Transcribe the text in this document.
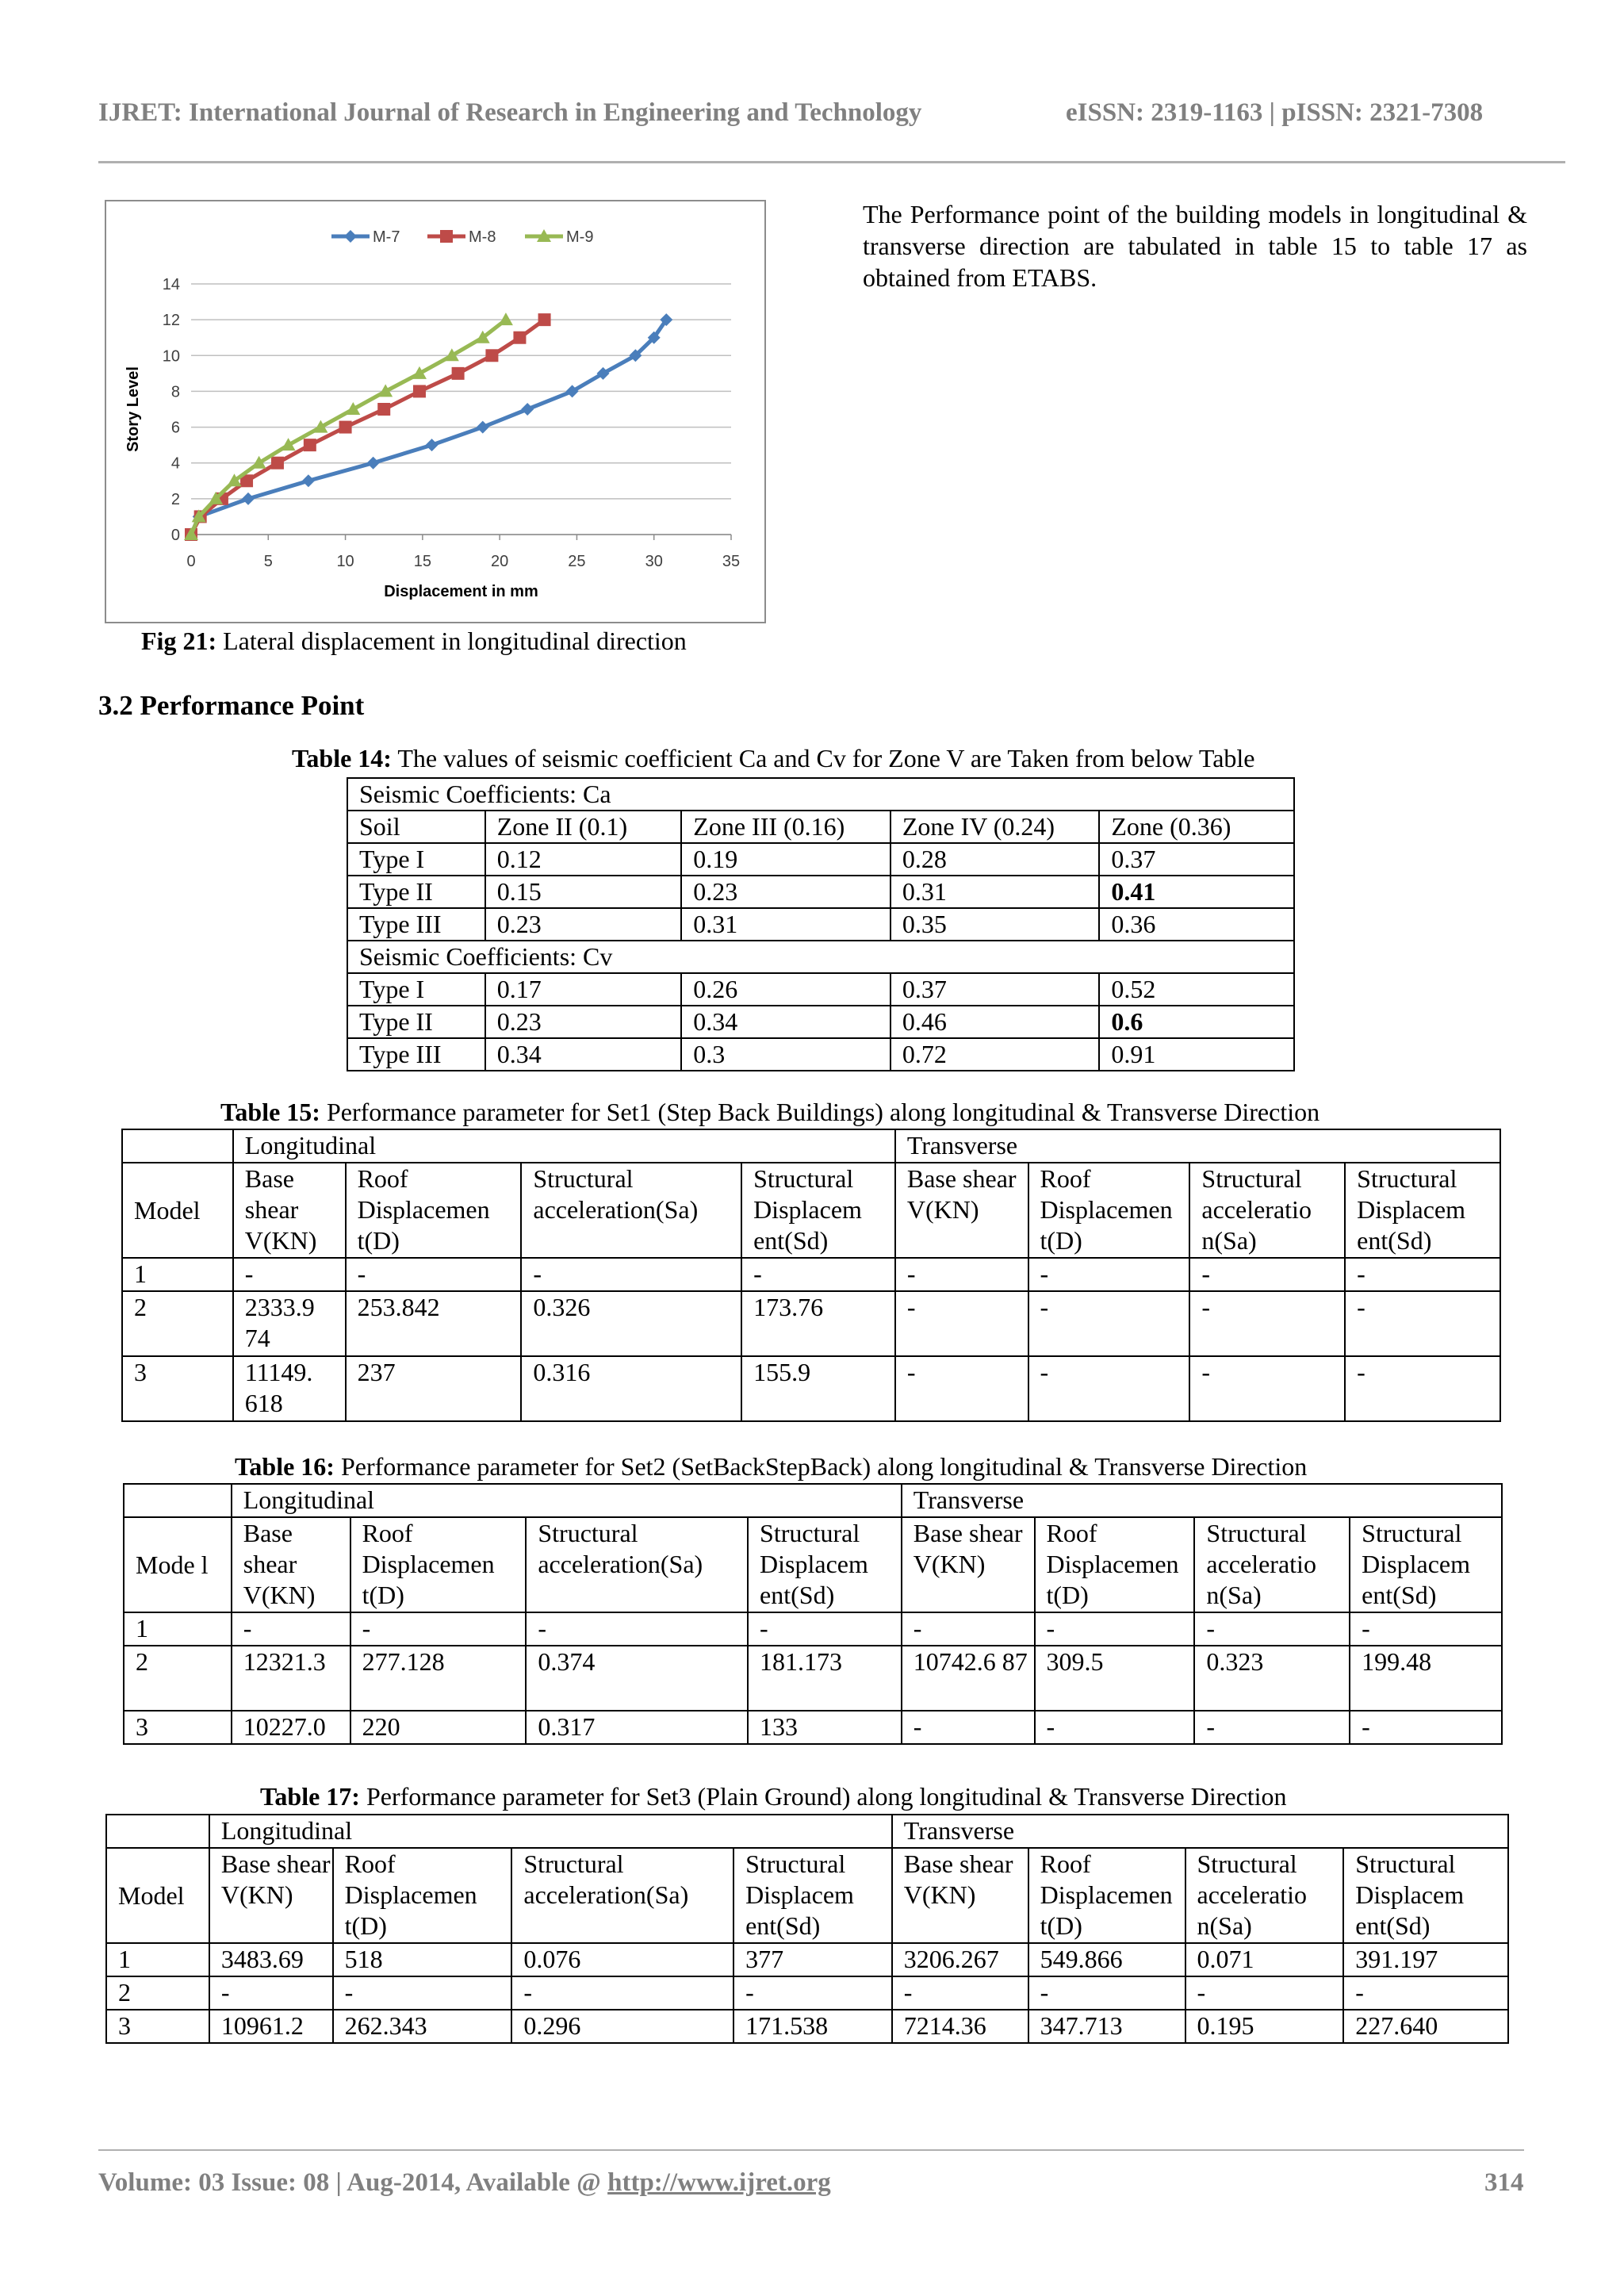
IJRET: International Journal of Research in Engineering and Technology	eISSN: 2319-1163 | pISSN: 2321-7308
0
2
4
6
8
10
12
14
0	5	10	15	20	25	30	35
Displacement in mm
Story Level
M-7	M-8	M-9
Fig 21: Lateral displacement in longitudinal direction
The Performance point of the building models in longitudinal & transverse direction are tabulated in table 15 to table 17 as obtained from ETABS.
3.2 Performance Point
Table 14: The values of seismic coefficient Ca and Cv for Zone V are Taken from below Table
Seismic Coefficients: Ca				
Soil	Zone II (0.1)	Zone III (0.16)	Zone IV (0.24)	Zone (0.36)
Type I	0.12	0.19	0.28	0.37
Type II	0.15	0.23	0.31	0.41
Type III	0.23	0.31	0.35	0.36
Seismic Coefficients: Cv				
Type I	0.17	0.26	0.37	0.52
Type II	0.23	0.34	0.46	0.6
Type III	0.34	0.3	0.72	0.91
Table 15: Performance parameter for Set1 (Step Back Buildings) along longitudinal & Transverse Direction
	Longitudinal				Transverse			
Model	Base shear V(KN)	Roof Displacemen t(D)	Structural acceleration(Sa)	Structural Displacem ent(Sd)	Base shear V(KN)	Roof Displacemen t(D)	Structural acceleratio n(Sa)	Structural Displacem ent(Sd)
1	-	-	-	-	-	-	-	-
2	2333.9 74	253.842	0.326	173.76	-	-	-	-
3	11149. 618	237	0.316	155.9	-	-	-	-
Table 16: Performance parameter for Set2 (SetBackStepBack) along longitudinal & Transverse Direction
	Longitudinal				Transverse			
Mode l	Base shear V(KN)	Roof Displacemen t(D)	Structural acceleration(Sa)	Structural Displacem ent(Sd)	Base shear V(KN)	Roof Displacemen t(D)	Structural acceleratio n(Sa)	Structural Displacem ent(Sd)
1	-	-	-	-	-	-	-	-
2	12321.3	277.128	0.374	181.173	10742.6 87	309.5	0.323	199.48
3	10227.0	220	0.317	133	-	-	-	-
Table 17: Performance parameter for Set3 (Plain Ground) along longitudinal & Transverse Direction
	Longitudinal				Transverse			
Model	Base shear V(KN)	Roof Displacemen t(D)	Structural acceleration(Sa)	Structural Displacem ent(Sd)	Base shear V(KN)	Roof Displacemen t(D)	Structural acceleratio n(Sa)	Structural Displacem ent(Sd)
1	3483.69	518	0.076	377	3206.267	549.866	0.071	391.197
2	-	-	-	-	-	-	-	-
3	10961.2	262.343	0.296	171.538	7214.36	347.713	0.195	227.640
Volume: 03 Issue: 08 | Aug-2014, Available @ http://www.ijret.org	314
